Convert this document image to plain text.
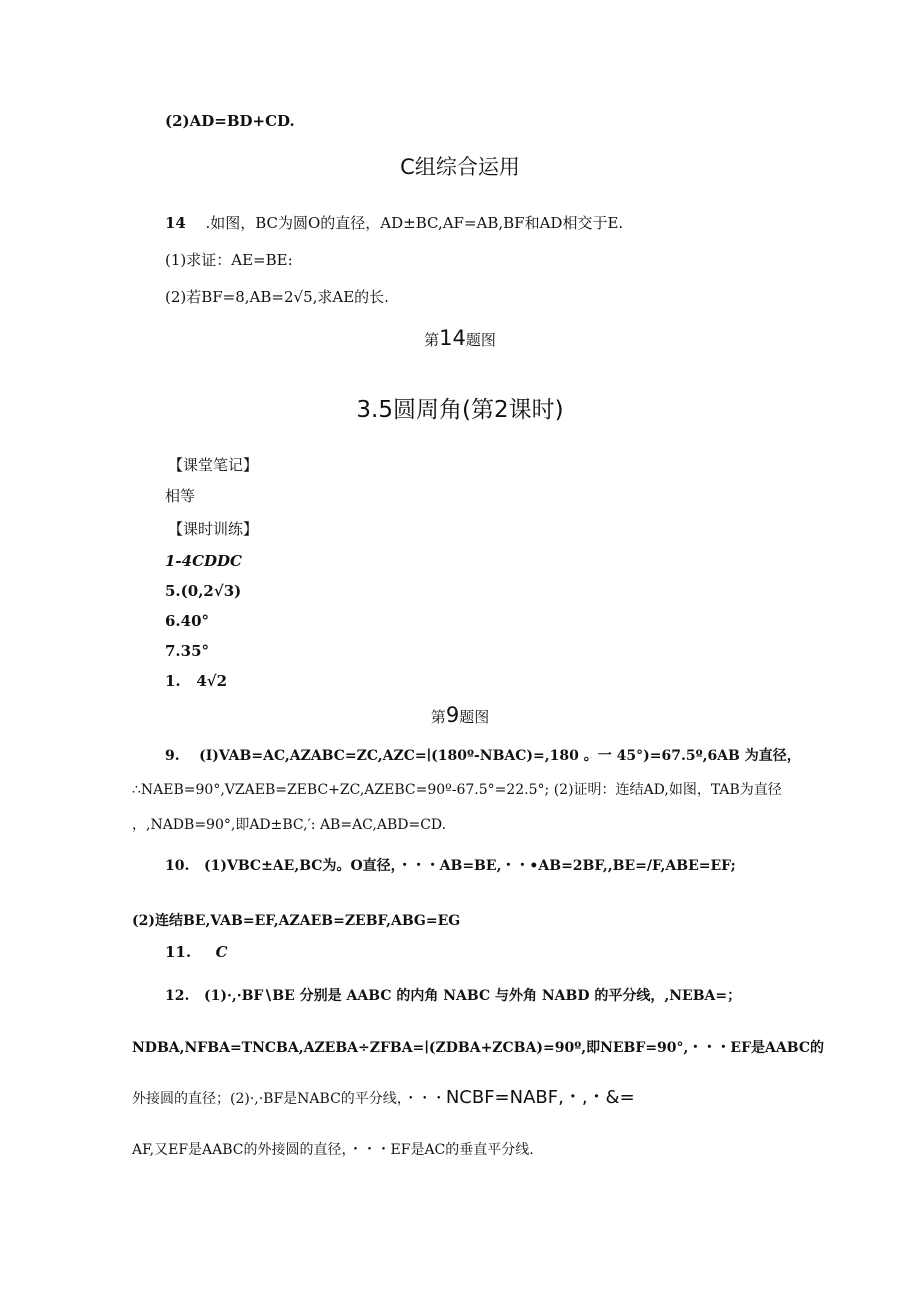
(2)AD=BD+CD.
C组综合运用
14 .如图，BC为圆O的直径，AD±BC,AF=AB,BF和AD相交于E.
(1)求证：AE=BE:
(2)若BF=8,AB=2√5,求AE的长.
第14题图
3.5圆周角(第2课时)
【课堂笔记】
相等
【课时训练】
1-4CDDC
5.(0,2√3)
6.40°
7.35°
1.   4√2
第9题图
9.    (I)VAB=AC,AZABC=ZC,AZC=∣(180º-NBAC)=,180 。一 45°)=67.5º,6AB 为直径，
∴NAEB=90°,VZAEB=ZEBC+ZC,AZEBC=90º-67.5°=22.5°; (2)证明：连结AD,如图，TAB为直径
，,NADB=90°,即AD±BC,′: AB=AC,ABD=CD.
10.   (1)VBC±AE,BC为。O直径，・・・AB=BE,・・•AB=2BF,,BE=/F,ABE=EF;
(2)连结BE,VAB=EF,AZAEB=ZEBF,ABG=EG
11. C
12.   (1)·,·BF∖BE 分别是 AABC 的内角 NABC 与外角 NABD 的平分线，,NEBA=；
NDBA,NFBA=TNCBA,AZEBA÷ZFBA=∣(ZDBA+ZCBA)=90º,即NEBF=90°,・・・EF是AABC的
外接圆的直径；(2)·,·BF是NABC的平分线，・・・NCBF=NABF,・,・&=
AF,又EF是AABC的外接圆的直径，・・・EF是AC的垂直平分线.
